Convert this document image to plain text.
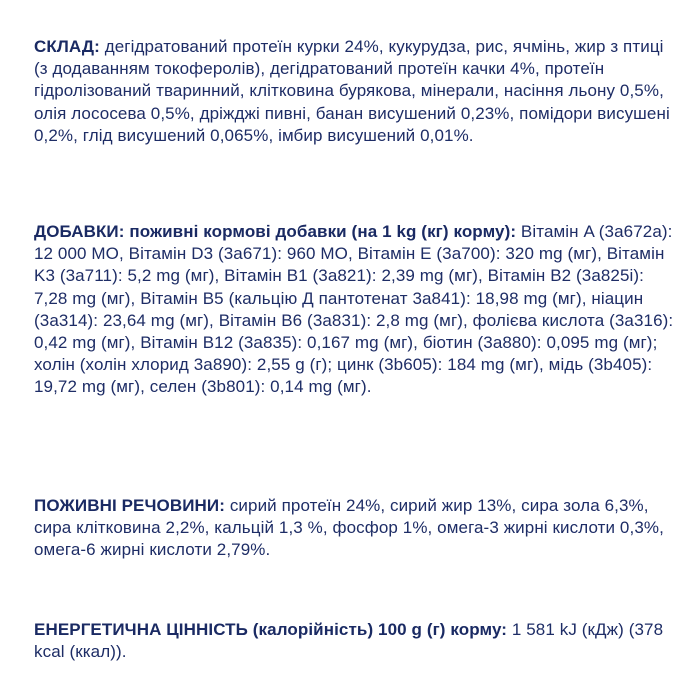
СКЛАД: дегідратований протеїн курки 24%, кукурудза, рис, ячмінь, жир з птиці (з додаванням токоферолів), дегідратований протеїн качки 4%, протеїн гідролізований тваринний, клітковина бурякова, мінерали, насіння льону 0,5%, олія лососева 0,5%, дріжджі пивні, банан висушений 0,23%, помідори висушені 0,2%, глід висушений 0,065%, імбир висушений 0,01%.
ДОБАВКИ: поживні кормові добавки (на 1 kg (кг) корму): Вітамін A (3a672a): 12 000 МО, Вітамін D3 (3a671): 960 МО, Вітамін E (3a700): 320 mg (мг), Вітамін K3 (3a711): 5,2 mg (мг), Вітамін B1 (3a821): 2,39 mg (мг), Вітамін B2 (3a825i): 7,28 mg (мг), Вітамін B5 (кальцію Д пантотенат 3a841): 18,98 mg (мг), ніацин (3a314): 23,64 mg (мг), Вітамін B6 (3a831): 2,8 mg (мг), фолієва кислота (3a316): 0,42 mg (мг), Вітамін B12 (3a835): 0,167 mg (мг), біотин (3a880): 0,095 mg (мг); холін (холін хлорид 3a890): 2,55 g (г); цинк (3b605): 184 mg (мг), мідь (3b405): 19,72 mg (мг), селен (3b801): 0,14 mg (мг).
ПОЖИВНІ РЕЧОВИНИ: сирий протеїн 24%, сирий жир 13%, сира зола 6,3%, сира клітковина 2,2%, кальцій 1,3 %, фосфор 1%, омега-3 жирні кислоти 0,3%, омега-6 жирні кислоти 2,79%.
ЕНЕРГЕТИЧНА ЦІННІСТЬ (калорійність) 100 g (г) корму: 1 581 kJ (кДж) (378 kcal (ккал)).
